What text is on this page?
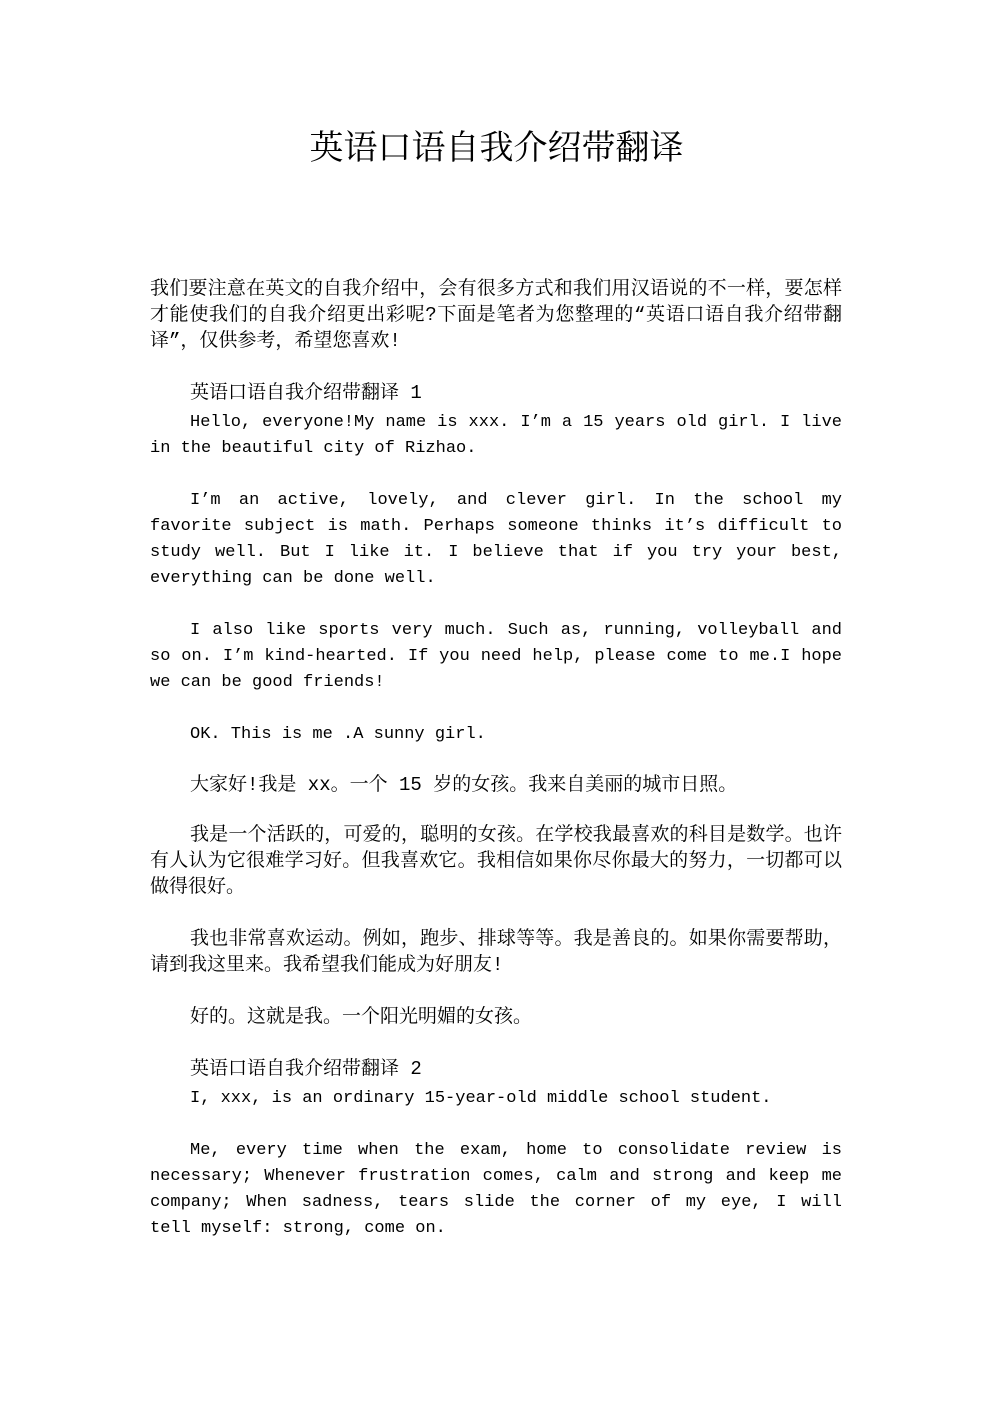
英语口语自我介绍带翻译

我们要注意在英文的自我介绍中，会有很多方式和我们用汉语说的不一样，要怎样才能使我们的自我介绍更出彩呢?下面是笔者为您整理的“英语口语自我介绍带翻译”，仅供参考，希望您喜欢!

英语口语自我介绍带翻译 1

Hello, everyone!My name is xxx. I’m a 15 years old girl. I live in the beautiful city of Rizhao.

I’m an active, lovely, and clever girl. In the school my favorite subject is math. Perhaps someone thinks it’s difficult to study well. But I like it. I believe that if you try your best, everything can be done well.

I also like sports very much. Such as, running, volleyball and so on. I’m kind-hearted. If you need help, please come to me.I hope we can be good friends!

OK. This is me .A sunny girl.

大家好!我是 xx。一个 15 岁的女孩。我来自美丽的城市日照。

我是一个活跃的，可爱的，聪明的女孩。在学校我最喜欢的科目是数学。也许有人认为它很难学习好。但我喜欢它。我相信如果你尽你最大的努力，一切都可以做得很好。

我也非常喜欢运动。例如，跑步、排球等等。我是善良的。如果你需要帮助，请到我这里来。我希望我们能成为好朋友!

好的。这就是我。一个阳光明媚的女孩。

英语口语自我介绍带翻译 2

I, xxx, is an ordinary 15-year-old middle school student.

Me, every time when the exam, home to consolidate review is necessary; Whenever frustration comes, calm and strong and keep me company; When sadness, tears slide the corner of my eye, I will tell myself: strong, come on.
